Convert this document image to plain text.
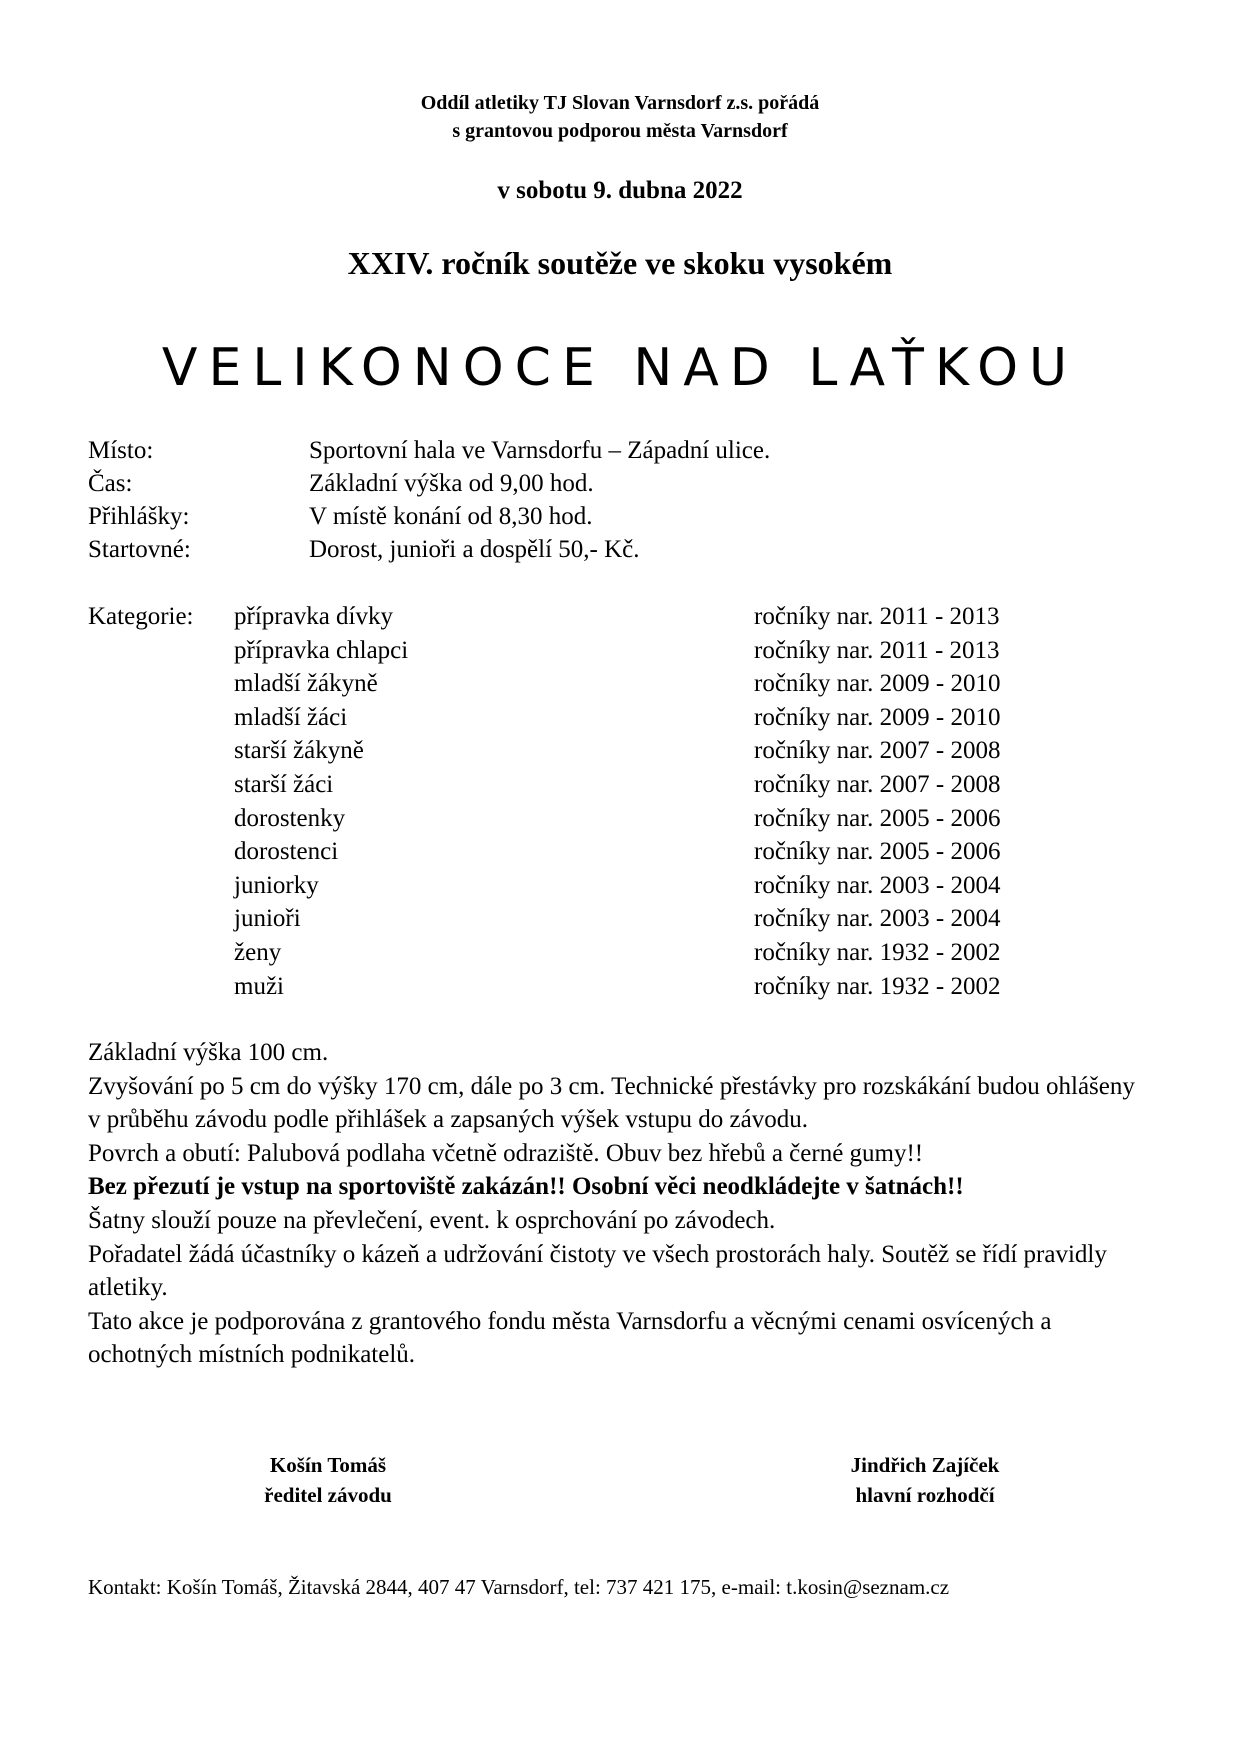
Oddíl atletiky TJ Slovan Varnsdorf z.s. pořádá
s grantovou podporou města Varnsdorf
v sobotu 9. dubna 2022
XXIV. ročník soutěže ve skoku vysokém
VELIKONOCE NAD LAŤKOU
Místo:	Sportovní hala ve Varnsdorfu – Západní ulice.
Čas:	Základní výška od 9,00 hod.
Přihlášky:	V místě konání od 8,30 hod.
Startovné:	Dorost, junioři a dospělí 50,- Kč.
Kategorie: přípravka dívky	ročníky nar. 2011 - 2013
přípravka chlapci	ročníky nar. 2011 - 2013
mladší žákyně	ročníky nar. 2009 - 2010
mladší žáci	ročníky nar. 2009 - 2010
starší žákyně	ročníky nar. 2007 - 2008
starší žáci	ročníky nar. 2007 - 2008
dorostenky	ročníky nar. 2005 - 2006
dorostenci	ročníky nar. 2005 - 2006
juniorky	ročníky nar. 2003 - 2004
junioři	ročníky nar. 2003 - 2004
ženy	ročníky nar. 1932 - 2002
muži	ročníky nar. 1932 - 2002

Základní výška 100 cm.

Zvyšování po 5 cm do výšky 170 cm, dále po 3 cm. Technické přestávky pro rozskákání budou ohlášeny v průběhu závodu podle přihlášek a zapsaných výšek vstupu do závodu.

Povrch a obutí: Palubová podlaha včetně odraziště. Obuv bez hřebů a černé gumy!!

Bez přezutí je vstup na sportoviště zakázán!! Osobní věci neodkládejte v šatnách!!

Šatny slouží pouze na převlečení, event. k osprchování po závodech.

Pořadatel žádá účastníky o kázeň a udržování čistoty ve všech prostorách haly. Soutěž se řídí pravidly atletiky.

Tato akce je podporována z grantového fondu města Varnsdorfu a věcnými cenami osvícených a ochotných místních podnikatelů.

Košín Tomáš
ředitel závodu
Jindřich Zajíček
hlavní rozhodčí
Kontakt: Košín Tomáš, Žitavská 2844, 407 47 Varnsdorf, tel: 737 421 175, e-mail: t.kosin@seznam.cz
